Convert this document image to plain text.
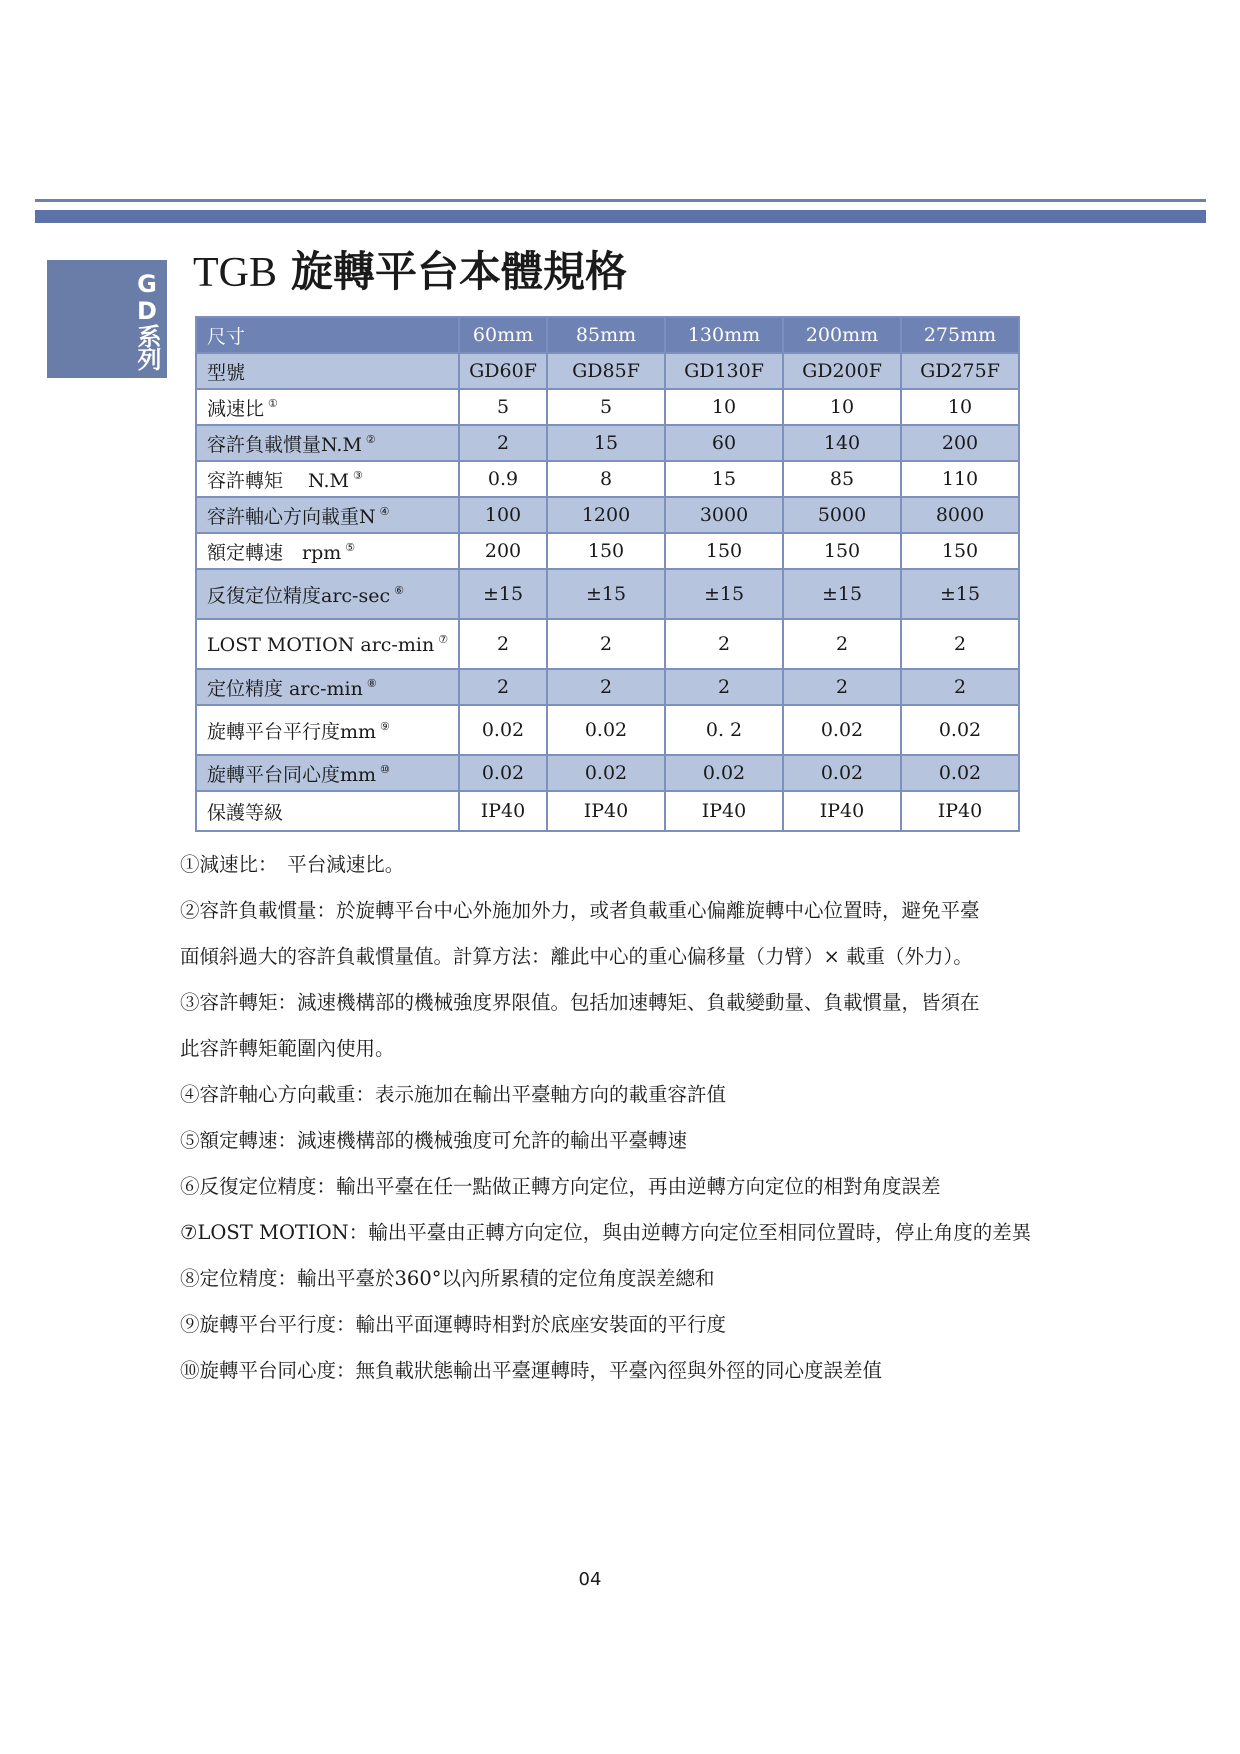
GD系列 TGB 旋轉平台本體規格
尺寸	60mm	85mm	130mm	200mm	275mm
型號	GD60F	GD85F	GD130F	GD200F	GD275F
減速比 ①	5	5	10	10	10
容許負載慣量N.M ②	2	15	60	140	200
容許轉矩　 N.M ③	0.9	8	15	85	110
容許軸心方向載重N ④	100	1200	3000	5000	8000
額定轉速　rpm ⑤	200	150	150	150	150
反復定位精度arc-sec ⑥	±15	±15	±15	±15	±15
LOST MOTION arc-min ⑦	2	2	2	2	2
定位精度 arc-min ⑧	2	2	2	2	2
旋轉平台平行度mm ⑨	0.02	0.02	0. 2	0.02	0.02
旋轉平台同心度mm ⑩	0.02	0.02	0.02	0.02	0.02
保護等級	IP40	IP40	IP40	IP40	IP40

①減速比：　平台減速比。

②容許負載慣量：於旋轉平台中心外施加外力，或者負載重心偏離旋轉中心位置時，避免平臺

面傾斜過大的容許負載慣量值。計算方法：離此中心的重心偏移量（力臂）× 載重（外力）。

③容許轉矩：減速機構部的機械強度界限值。包括加速轉矩、負載變動量、負載慣量，皆須在

此容許轉矩範圍內使用。

④容許軸心方向載重：表示施加在輸出平臺軸方向的載重容許值

⑤額定轉速：減速機構部的機械強度可允許的輸出平臺轉速

⑥反復定位精度：輸出平臺在任一點做正轉方向定位，再由逆轉方向定位的相對角度誤差

⑦LOST MOTION：輸出平臺由正轉方向定位，與由逆轉方向定位至相同位置時，停止角度的差異

⑧定位精度：輸出平臺於360°以內所累積的定位角度誤差總和

⑨旋轉平台平行度：輸出平面運轉時相對於底座安裝面的平行度

⑩旋轉平台同心度：無負載狀態輸出平臺運轉時，平臺內徑與外徑的同心度誤差值

04
